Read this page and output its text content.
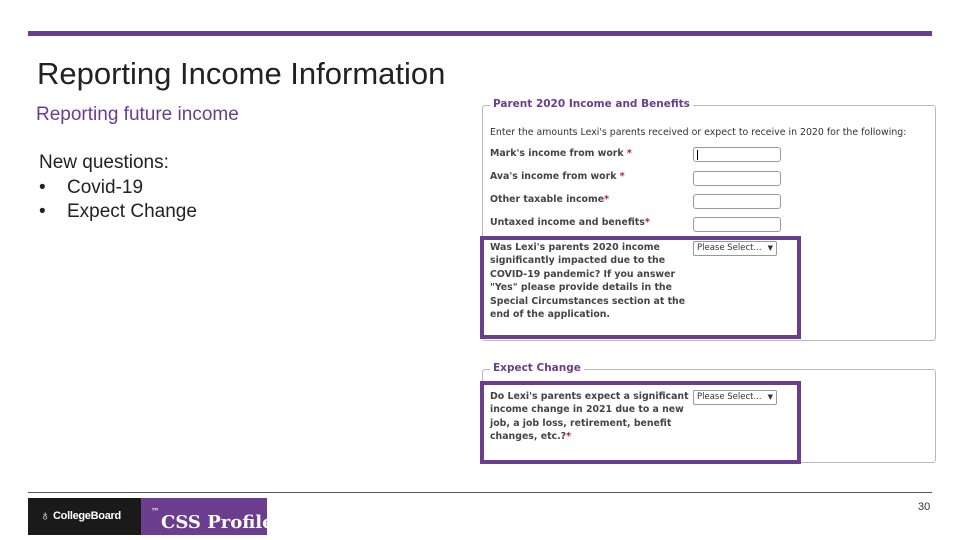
Reporting Income Information
Reporting future income
New questions:
•	Covid-19
•	Expect Change
Parent 2020 Income and Benefits
Enter the amounts Lexi's parents received or expect to receive in 2020 for the following:
Mark's income from work *
Ava's income from work *
Other taxable income*
Untaxed income and benefits*
Was Lexi's parents 2020 income
significantly impacted due to the
COVID-19 pandemic? If you answer
"Yes" please provide details in the
Special Circumstances section at the
end of the application.
Please Select... ▼
Expect Change
Do Lexi's parents expect a significant
income change in 2021 due to a new
job, a job loss, retirement, benefit
changes, etc.?*
Please Select... ▼
♁ CollegeBoard CSS Profile
™	30
